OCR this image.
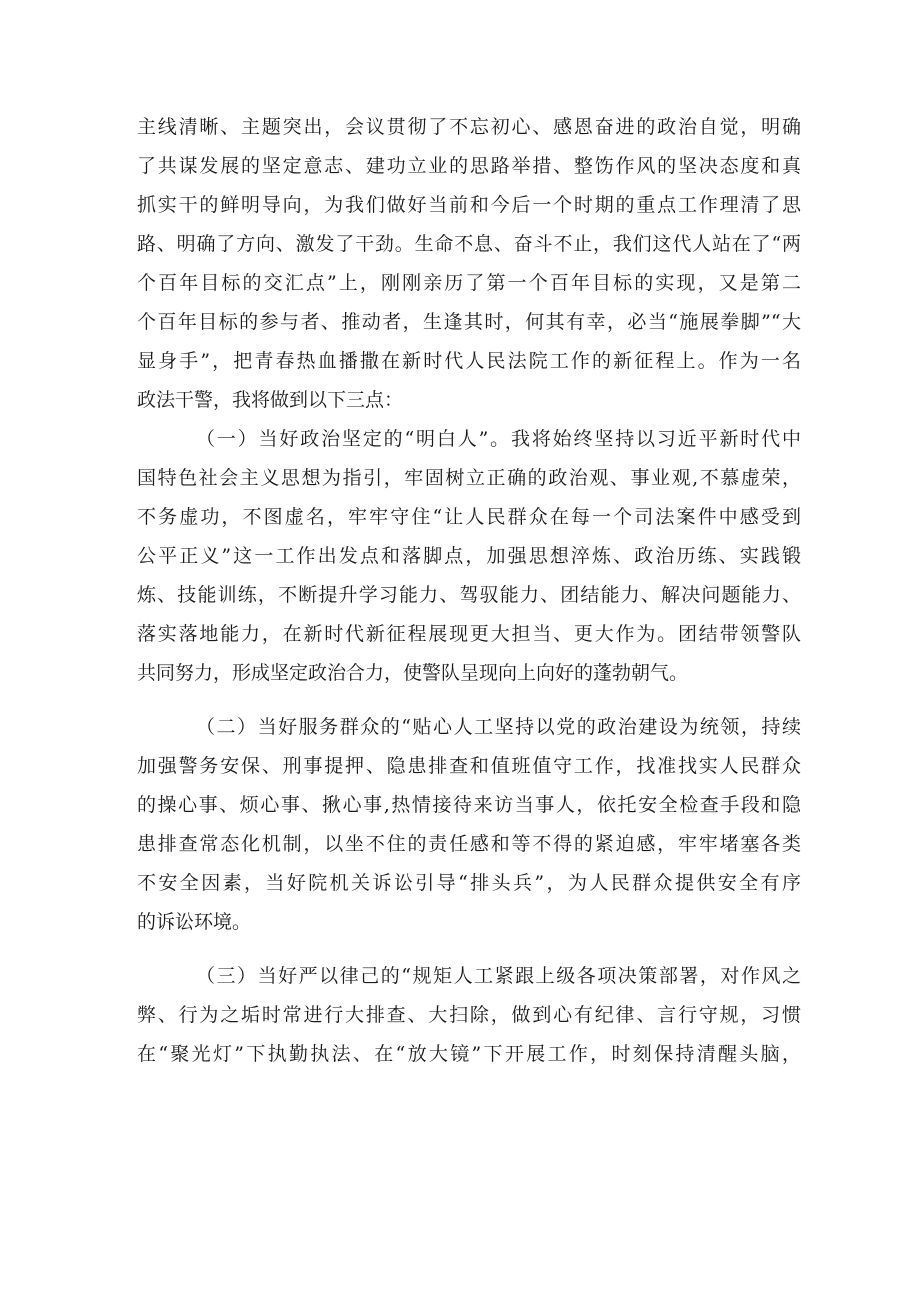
主线清晰、主题突出，会议贯彻了不忘初心、感恩奋进的政治自觉，明确
了共谋发展的坚定意志、建功立业的思路举措、整饬作风的坚决态度和真
抓实干的鲜明导向，为我们做好当前和今后一个时期的重点工作理清了思
路、明确了方向、激发了干劲。生命不息、奋斗不止，我们这代人站在了“两
个百年目标的交汇点”上，刚刚亲历了第一个百年目标的实现，又是第二
个百年目标的参与者、推动者，生逢其时，何其有幸，必当“施展拳脚”“大
显身手”，把青春热血播撒在新时代人民法院工作的新征程上。作为一名
政法干警，我将做到以下三点：
（一）当好政治坚定的“明白人”。我将始终坚持以习近平新时代中
国特色社会主义思想为指引，牢固树立正确的政治观、事业观,不慕虚荣，
不务虚功，不图虚名，牢牢守住“让人民群众在每一个司法案件中感受到
公平正义”这一工作出发点和落脚点，加强思想淬炼、政治历练、实践锻
炼、技能训练，不断提升学习能力、驾驭能力、团结能力、解决问题能力、
落实落地能力，在新时代新征程展现更大担当、更大作为。团结带领警队
共同努力，形成坚定政治合力，使警队呈现向上向好的蓬勃朝气。
（二）当好服务群众的“贴心人工坚持以党的政治建设为统领，持续
加强警务安保、刑事提押、隐患排查和值班值守工作，找准找实人民群众
的操心事、烦心事、揪心事,热情接待来访当事人，依托安全检查手段和隐
患排查常态化机制，以坐不住的责任感和等不得的紧迫感，牢牢堵塞各类
不安全因素，当好院机关诉讼引导“排头兵”，为人民群众提供安全有序
的诉讼环境。
（三）当好严以律己的“规矩人工紧跟上级各项决策部署，对作风之
弊、行为之垢时常进行大排查、大扫除，做到心有纪律、言行守规，习惯
在“聚光灯”下执勤执法、在“放大镜”下开展工作，时刻保持清醒头脑，
